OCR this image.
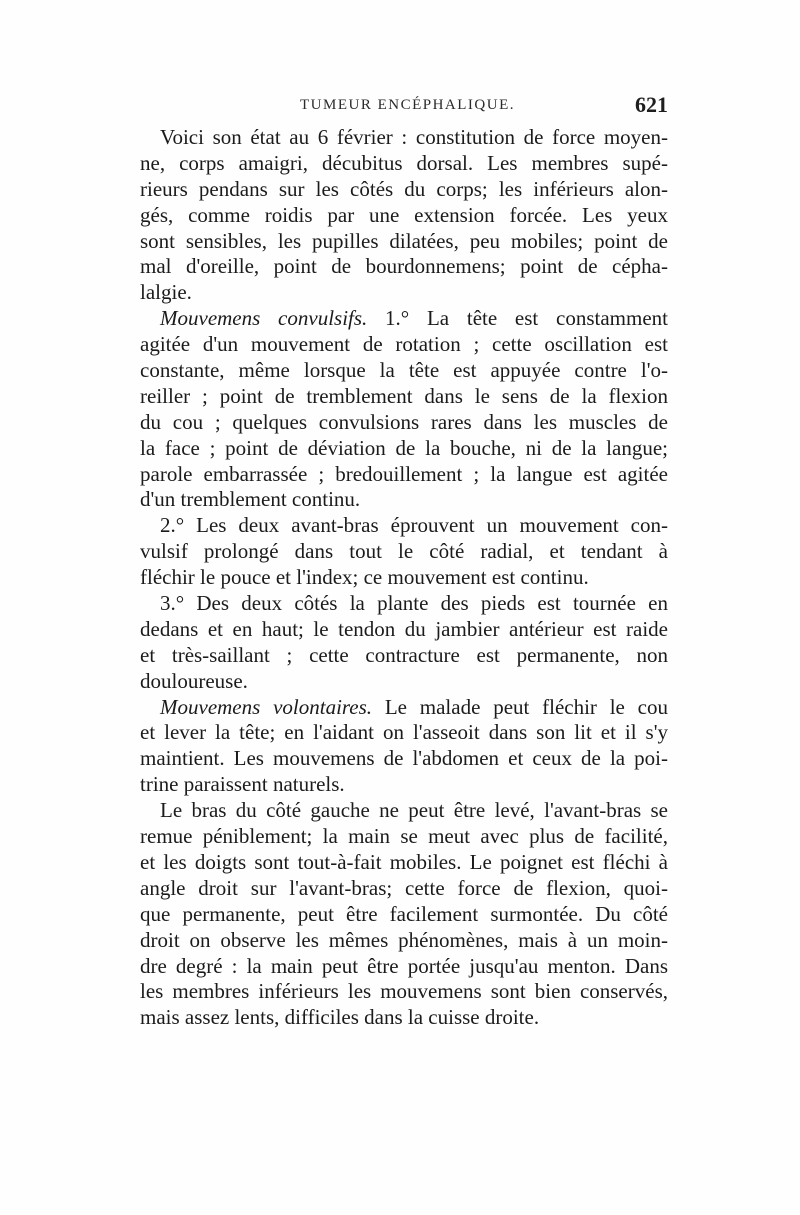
TUMEUR ENCÉPHALIQUE.	621
Voici son état au 6 février : constitution de force moyen-
ne, corps amaigri, décubitus dorsal. Les membres supé-
rieurs pendans sur les côtés du corps; les inférieurs alon-
gés, comme roidis par une extension forcée. Les yeux
sont sensibles, les pupilles dilatées, peu mobiles; point de
mal d'oreille, point de bourdonnemens; point de cépha-
lalgie.
Mouvemens convulsifs. 1.° La tête est constamment
agitée d'un mouvement de rotation ; cette oscillation est
constante, même lorsque la tête est appuyée contre l'o-
reiller ; point de tremblement dans le sens de la flexion
du cou ; quelques convulsions rares dans les muscles de
la face ; point de déviation de la bouche, ni de la langue;
parole embarrassée ; bredouillement ; la langue est agitée
d'un tremblement continu.
2.° Les deux avant-bras éprouvent un mouvement con-
vulsif prolongé dans tout le côté radial, et tendant à
fléchir le pouce et l'index; ce mouvement est continu.
3.° Des deux côtés la plante des pieds est tournée en
dedans et en haut; le tendon du jambier antérieur est raide
et très-saillant ; cette contracture est permanente, non
douloureuse.
Mouvemens volontaires. Le malade peut fléchir le cou
et lever la tête; en l'aidant on l'asseoit dans son lit et il s'y
maintient. Les mouvemens de l'abdomen et ceux de la poi-
trine paraissent naturels.
Le bras du côté gauche ne peut être levé, l'avant-bras se
remue péniblement; la main se meut avec plus de facilité,
et les doigts sont tout-à-fait mobiles. Le poignet est fléchi à
angle droit sur l'avant-bras; cette force de flexion, quoi-
que permanente, peut être facilement surmontée. Du côté
droit on observe les mêmes phénomènes, mais à un moin-
dre degré : la main peut être portée jusqu'au menton. Dans
les membres inférieurs les mouvemens sont bien conservés,
mais assez lents, difficiles dans la cuisse droite.
